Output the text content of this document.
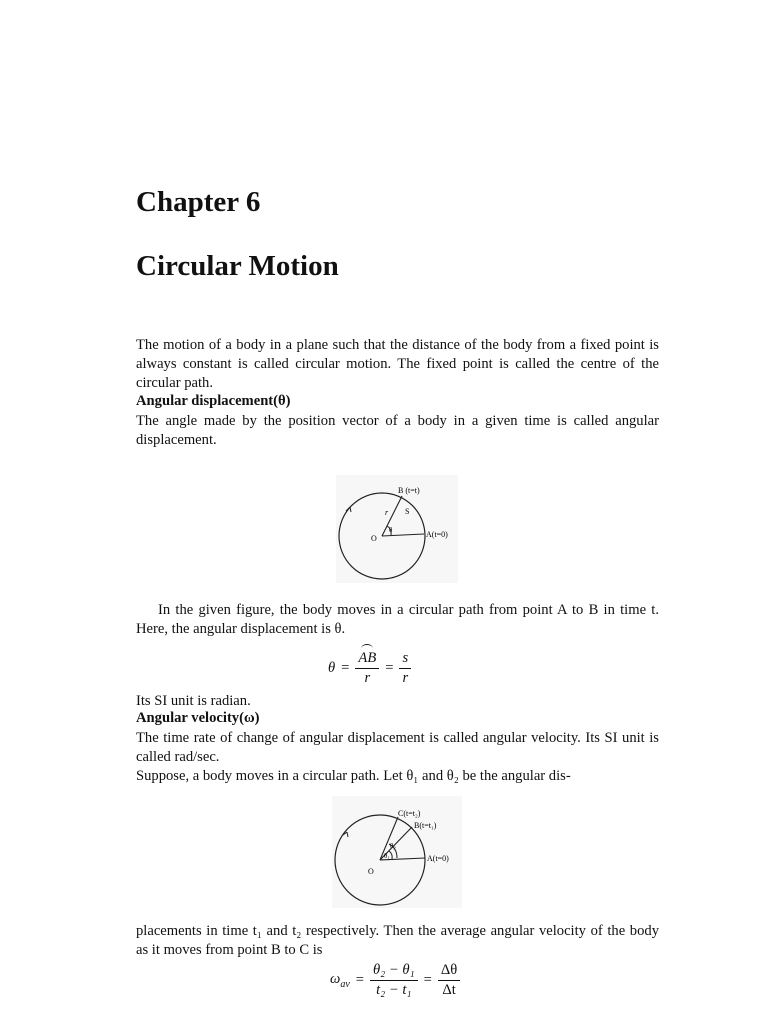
Chapter 6
Circular Motion

The motion of a body in a plane such that the distance of the body from a fixed point is always constant is called circular motion. The fixed point is called the centre of the circular path.

Angular displacement(θ)

The angle made by the position vector of a body in a given time is called angular displacement.

θ
r
O
S
B (t=t)
A(t=0)

In the given figure, the body moves in a circular path from point A to B in time t. Here, the angular displacement is θ.

$\theta = \frac{AB}{r} = \frac{s}{r}$

Its SI unit is radian.

Angular velocity(ω)

The time rate of change of angular displacement is called angular velocity. Its SI unit is called rad/sec.

Suppose, a body moves in a circular path. Let θ₁ and θ₂ be the angular dis-

θ₁
θ₂
O
C(t=t₂)
B(t=t₁)
A(t=0)

placements in time t₁ and t₂ respectively. Then the average angular velocity of the body as it moves from point B to C is

$\omega_{av} = \frac{\text{θ₂ − θ₁}}{\text{t₂ − t₁}} = \frac{\Delta\theta}{\Delta t}$
